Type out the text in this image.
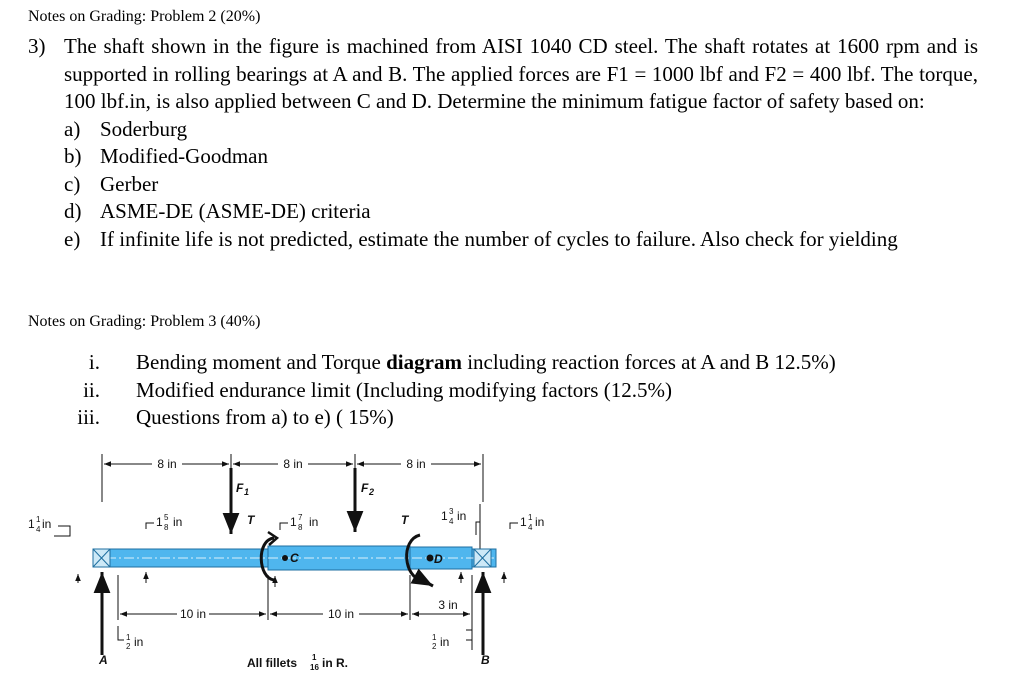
Notes on Grading: Problem 2 (20%)
3) The shaft shown in the figure is machined from AISI 1040 CD steel. The shaft rotates at 1600 rpm and is supported in rolling bearings at A and B. The applied forces are F1 = 1000 lbf and F2 = 400 lbf. The torque, 100 lbf.in, is also applied between C and D. Determine the minimum fatigue factor of safety based on:
a) Soderburg
b) Modified-Goodman
c) Gerber
d) ASME-DE (ASME-DE) criteria
e) If infinite life is not predicted, estimate the number of cycles to failure. Also check for yielding
Notes on Grading: Problem 3 (40%)
i. Bending moment and Torque diagram including reaction forces at A and B 12.5%)
ii. Modified endurance limit (Including modifying factors (12.5%)
iii. Questions from a) to e) ( 15%)
8 in	8 in	8 in
F 1	F 2
1 1
4 in	1 5
8 in	1 7
8 in	1 3
4 in	1 1
4 in
T	T
C	D
10 in	10 in
3 in
1
2 in	1
2 in
A	B
All fillets 1
16 in R.
